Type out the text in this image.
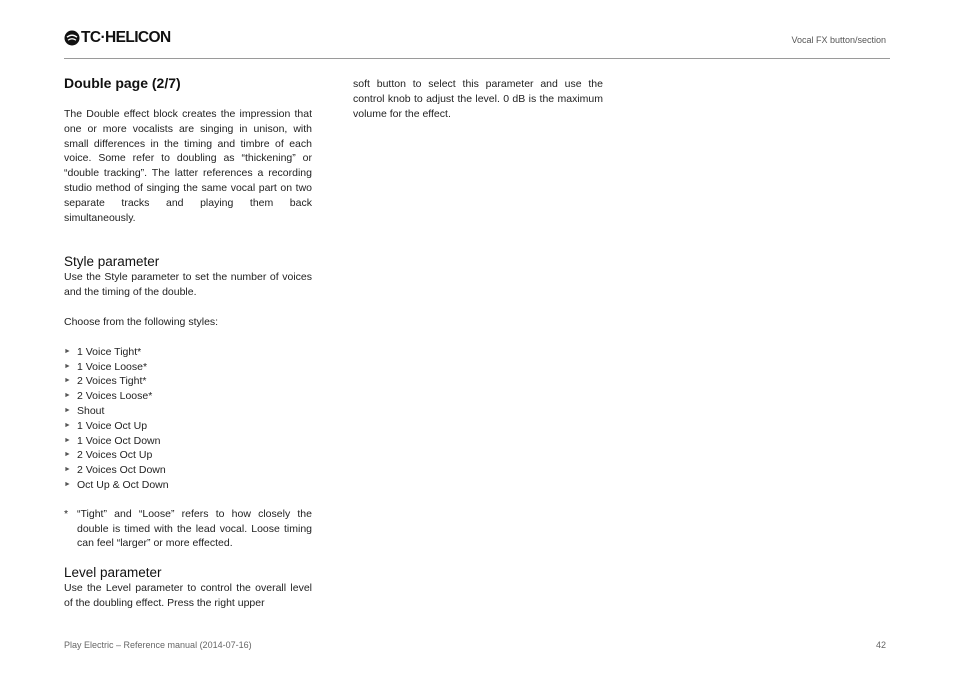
TC·HELICON	Vocal FX button/section
Double page (2/7)

The Double effect block creates the impression that one or more vocalists are singing in unison, with small differences in the timing and timbre of each voice. Some refer to doubling as “thickening” or “double tracking”. The latter references a recording studio method of singing the same vocal part on two separate tracks and playing them back simultaneously.

Style parameter

Use the Style parameter to set the number of voices and the timing of the double.

Choose from the following styles:

► 1 Voice Tight*
► 1 Voice Loose*
► 2 Voices Tight*
► 2 Voices Loose*
► Shout
► 1 Voice Oct Up
► 1 Voice Oct Down
► 2 Voices Oct Up
► 2 Voices Oct Down
► Oct Up & Oct Down

* “Tight” and “Loose” refers to how closely the double is timed with the lead vocal. Loose timing can feel “larger” or more effected.

Level parameter

Use the Level parameter to control the overall level of the doubling effect. Press the right upper

soft button to select this parameter and use the control knob to adjust the level. 0 dB is the maximum volume for the effect.

Play Electric – Reference manual (2014-07-16)	42
